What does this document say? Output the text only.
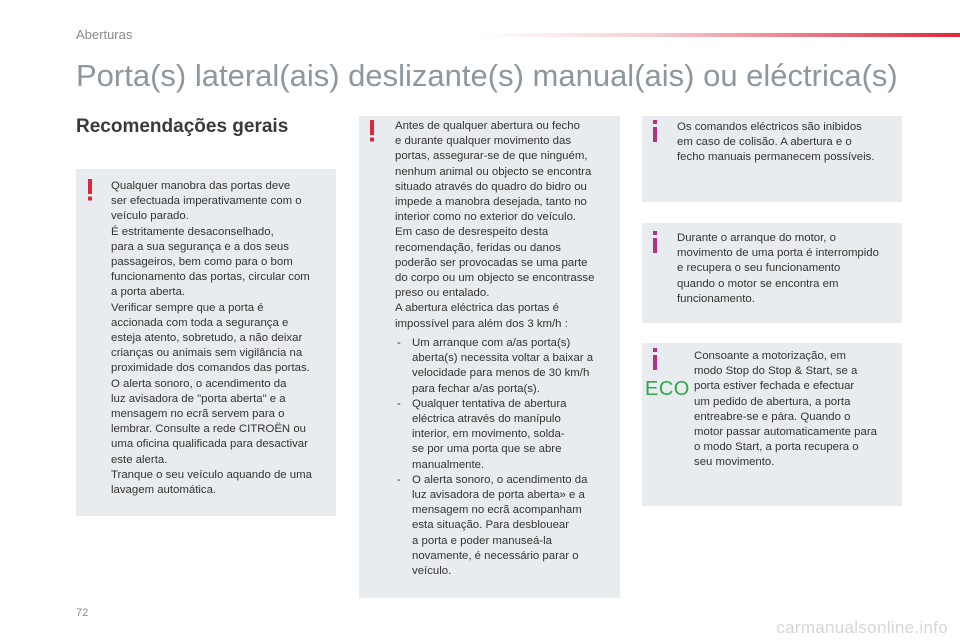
Aberturas
Porta(s) lateral(ais) deslizante(s) manual(ais) ou eléctrica(s)
Recomendações gerais
Qualquer manobra das portas deve
ser efectuada imperativamente com o
veículo parado.
É estritamente desaconselhado,
para a sua segurança e a dos seus
passageiros, bem como para o bom
funcionamento das portas, circular com
a porta aberta.
Verificar sempre que a porta é
accionada com toda a segurança e
esteja atento, sobretudo, a não deixar
crianças ou animais sem vigilância na
proximidade dos comandos das portas.
O alerta sonoro, o acendimento da
luz avisadora de "porta aberta" e a
mensagem no ecrã servem para o
lembrar. Consulte a rede CITROËN ou
uma oficina qualificada para desactivar
este alerta.
Tranque o seu veículo aquando de uma
lavagem automática.
Antes de qualquer abertura ou fecho
e durante qualquer movimento das
portas, assegurar-se de que ninguém,
nenhum animal ou objecto se encontra
situado através do quadro do bidro ou
impede a manobra desejada, tanto no
interior como no exterior do veículo.
Em caso de desrespeito desta
recomendação, feridas ou danos
poderão ser provocadas se uma parte
do corpo ou um objecto se encontrasse
preso ou entalado.
A abertura eléctrica das portas é
impossível para além dos 3 km/h :
- Um arranque com a/as porta(s)
aberta(s) necessita voltar a baixar a
velocidade para menos de 30 km/h
para fechar a/as porta(s).
- Qualquer tentativa de abertura
eléctrica através do manípulo
interior, em movimento, solda-
se por uma porta que se abre
manualmente.
- O alerta sonoro, o acendimento da
luz avisadora de porta aberta» e a
mensagem no ecrã acompanham
esta situação. Para desblouear
a porta e poder manuseá-la
novamente, é necessário parar o
veículo.
Os comandos eléctricos são inibidos
em caso de colisão. A abertura e o
fecho manuais permanecem possíveis.
Durante o arranque do motor, o
movimento de uma porta é interrompido
e recupera o seu funcionamento
quando o motor se encontra em
funcionamento.
Consoante a motorização, em
modo Stop do Stop & Start, se a
porta estiver fechada e efectuar
um pedido de abertura, a porta
entreabre-se e pára. Quando o
motor passar automaticamente para
o modo Start, a porta recupera o
seu movimento.
ECO
72
carmanualsonline.info
